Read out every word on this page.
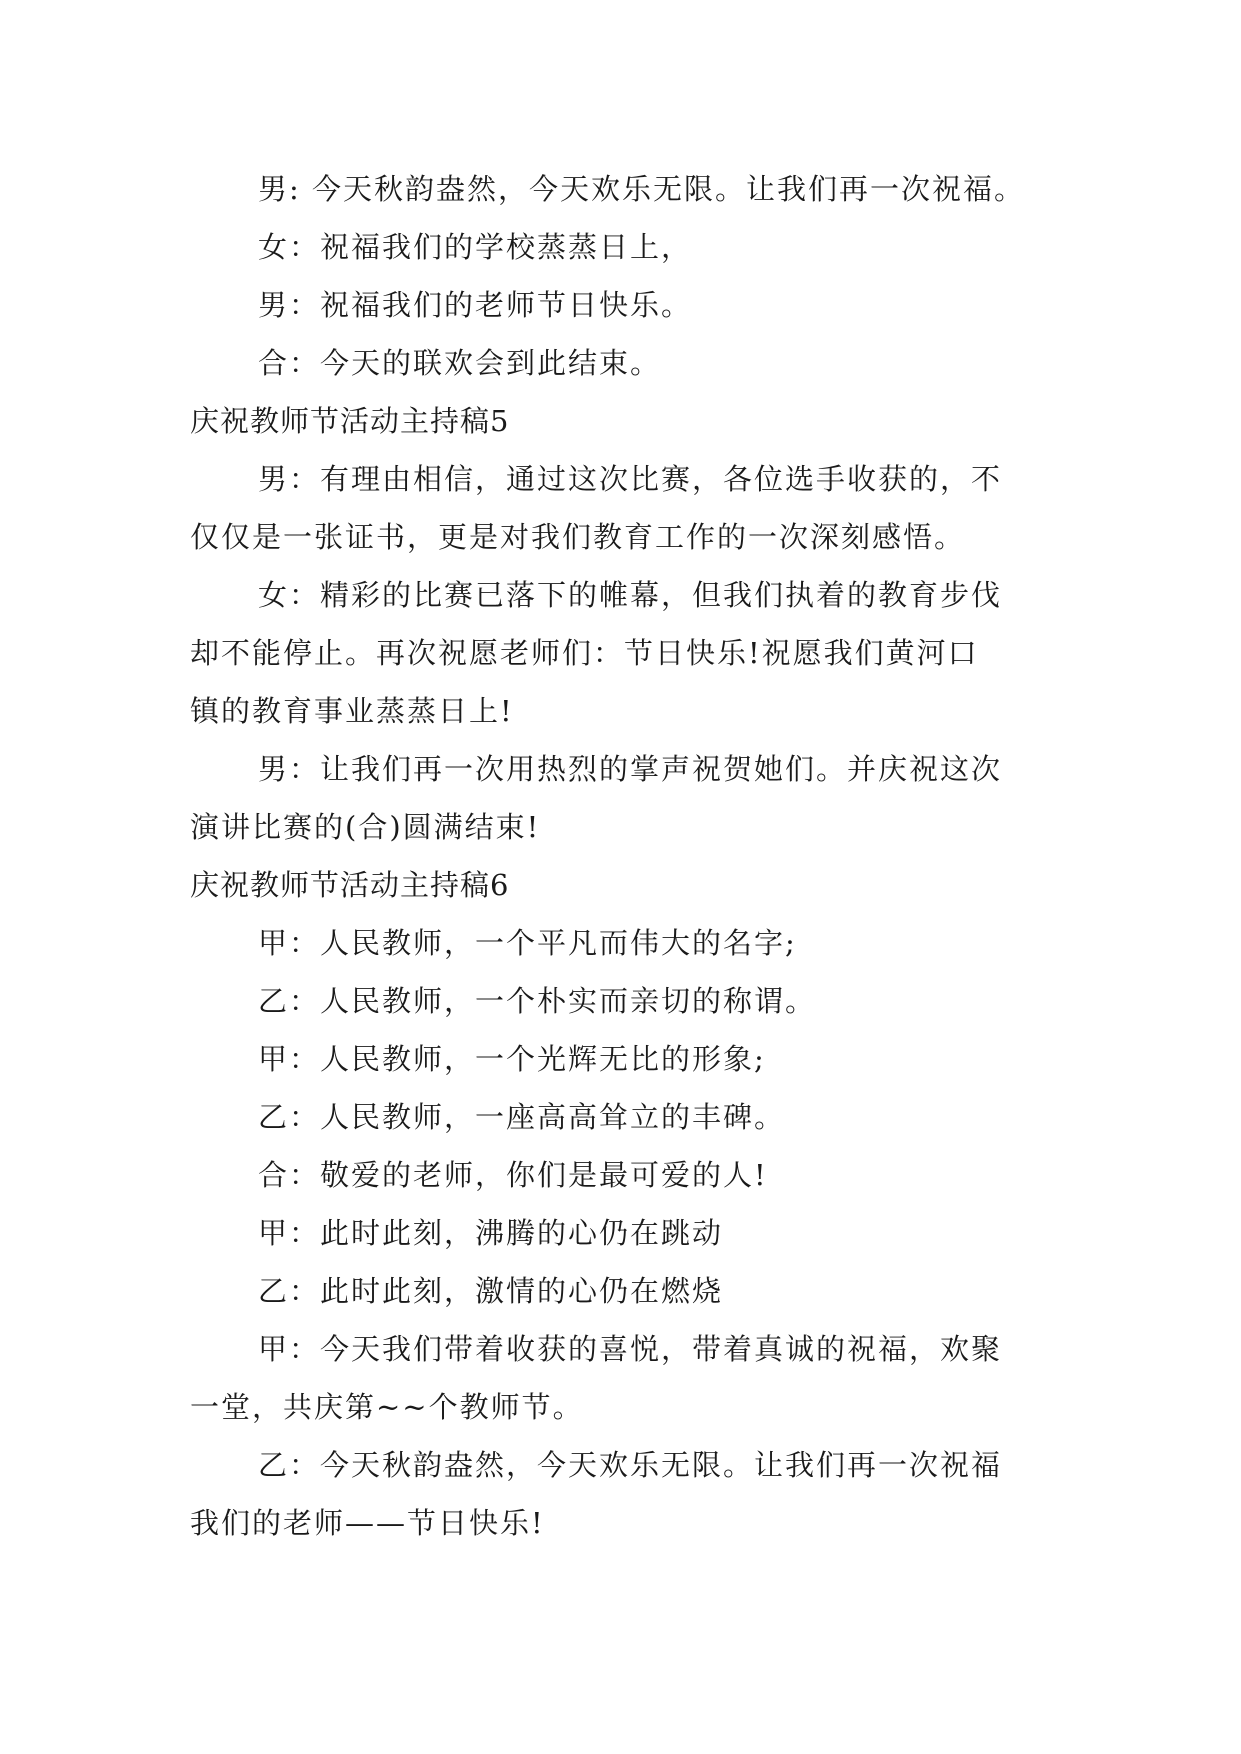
男: 今天秋韵盎然，今天欢乐无限。让我们再一次祝福。

女：祝福我们的学校蒸蒸日上，

男：祝福我们的老师节日快乐。

合：今天的联欢会到此结束。

庆祝教师节活动主持稿5

男：有理由相信，通过这次比赛，各位选手收获的，不

仅仅是一张证书，更是对我们教育工作的一次深刻感悟。

女：精彩的比赛已落下的帷幕，但我们执着的教育步伐

却不能停止。再次祝愿老师们：节日快乐!祝愿我们黄河口

镇的教育事业蒸蒸日上!

男：让我们再一次用热烈的掌声祝贺她们。并庆祝这次

演讲比赛的(合)圆满结束!

庆祝教师节活动主持稿6

甲：人民教师，一个平凡而伟大的名字;

乙：人民教师，一个朴实而亲切的称谓。

甲：人民教师，一个光辉无比的形象;

乙：人民教师，一座高高耸立的丰碑。

合：敬爱的老师，你们是最可爱的人!

甲：此时此刻，沸腾的心仍在跳动

乙：此时此刻，激情的心仍在燃烧

甲：今天我们带着收获的喜悦，带着真诚的祝福，欢聚

一堂，共庆第~~个教师节。

乙：今天秋韵盎然，今天欢乐无限。让我们再一次祝福

我们的老师——节日快乐!
